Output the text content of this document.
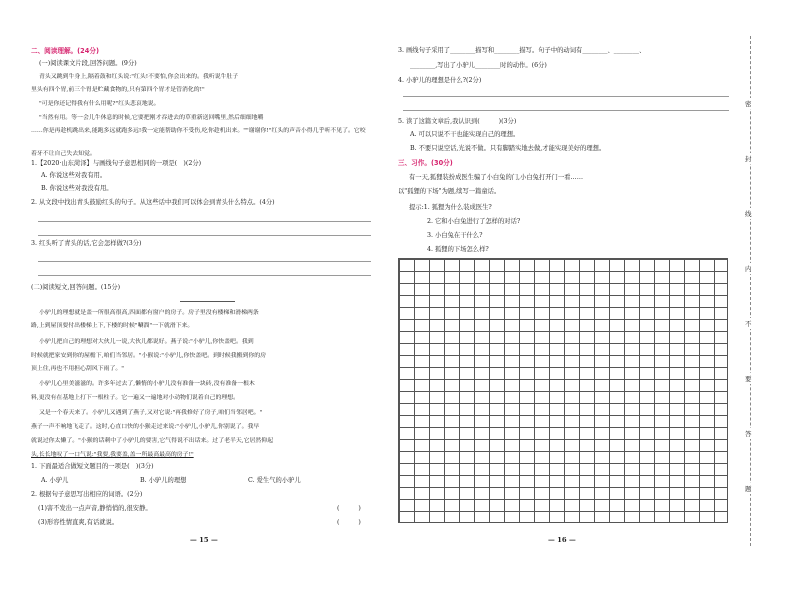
二、阅读理解。(24分)
(一)阅读课文片段,回答问题。(9分)
青头又跳到牛身上,隔着鼓和红头说:"红头!不要怕,你会出来的。我听说牛肚子
里头有四个胃,前三个胃是贮藏食物的,只有第四个胃才是管消化的!"
"可是你还记得我有什么用呢?"红头悲哀地说。
"当然有用。等一会儿牛休息的时候,它要把刚才吞进去的草重新送回嘴里,然后细细地嚼
……你是再趁机跳出来,能跑多远就跑多远!我一定能帮助你不受伤,吃你趁机出来。""谢谢你!"红头的声音小得几乎听不见了。它咬
着牙不让自己失去知觉。
1.【2020·山东菏泽】与画线句子意思相同的一项是(　)(2分)
A. 你说这些对我有用。
B. 你说这些对我没有用。
2. 从文段中找出青头鼓励红头的句子。从这些话中我们可以体会到青头什么特点。(4分)
3. 红头听了青头的话,它会怎样做?(3分)
(二)阅读短文,回答问题。(15分)
小驴儿的理想就是盖一所很高很高,四面都有窗户的房子。房子里没有楼梯和滑梯两条
路,上到屋顶要付出楼梯上下,下楼的时候"唰溜"一下就滑下来。
小驴儿把自己的理想对大伙儿一说,大伙儿都说好。燕子说:"小驴儿,你快盖吧。我到
时候就把家安到你的屋檐下,咱们当邻居。"小猴说:"小驴儿,你快盖吧。到时候我搬到你的房
顶上住,再也不用担心刮风下雨了。"
小驴儿心里美滋滋的。许多年过去了,懒惰的小驴儿没有准备一块砖,没有准备一根木
料,更没有在基地上打下一根柱子。它一遍又一遍地对小动物们说着自己的理想。
又是一个春天来了。小驴儿又遇到了燕子,又对它说:"再我修好了房子,咱们当邻居吧。"
燕子一声不响地飞走了。这时,心直口快的小猴走过来说:"小驴儿,小驴儿,你别说了。我早
就说过你太懒了。"小猴的话刺中了小驴儿的要害,它气得说不出话来。过了老半天,它居然仰起
头,长长地叹了一口气说:"我要,我要盖,盖一所最高最高的房子!"
1. 下面最适合做短文题目的一项是(　)(3分)
A. 小驴儿	B. 小驴儿的理想	C. 爱生气的小驴儿
2. 根据句子意思写出相应的词语。(2分)
(1)害不发出一点声音,静悄悄的,很安静。	(　　　)
(3)形容性情直爽,有话就说。	(　　　)
— 15 —
3. 画线句子采用了________描写和________描写。句子中的动词有________、________、
________,写出了小驴儿________时的动作。(6分)
4. 小驴儿的理想是什么?(2分)
5. 读了这篇文章后,我认识到(　　　)(3分)
A. 可以只说不干也能实现自己的理想。
B. 不要只说空话,光说不做。只有脚踏实地去做,才能实现美好的理想。
三、习作。(30分)
有一天,狐狸装扮成医生骗了小白兔的门,小白兔打开门一看……
以"狐狸的下场"为题,续写一篇童话。
提示:1. 狐狸为什么装成医生?
2. 它和小白兔进行了怎样的对话?
3. 小白兔在干什么?
4. 狐狸的下场怎么样?
— 16 —
密
封
线
内
不
要
答
题
